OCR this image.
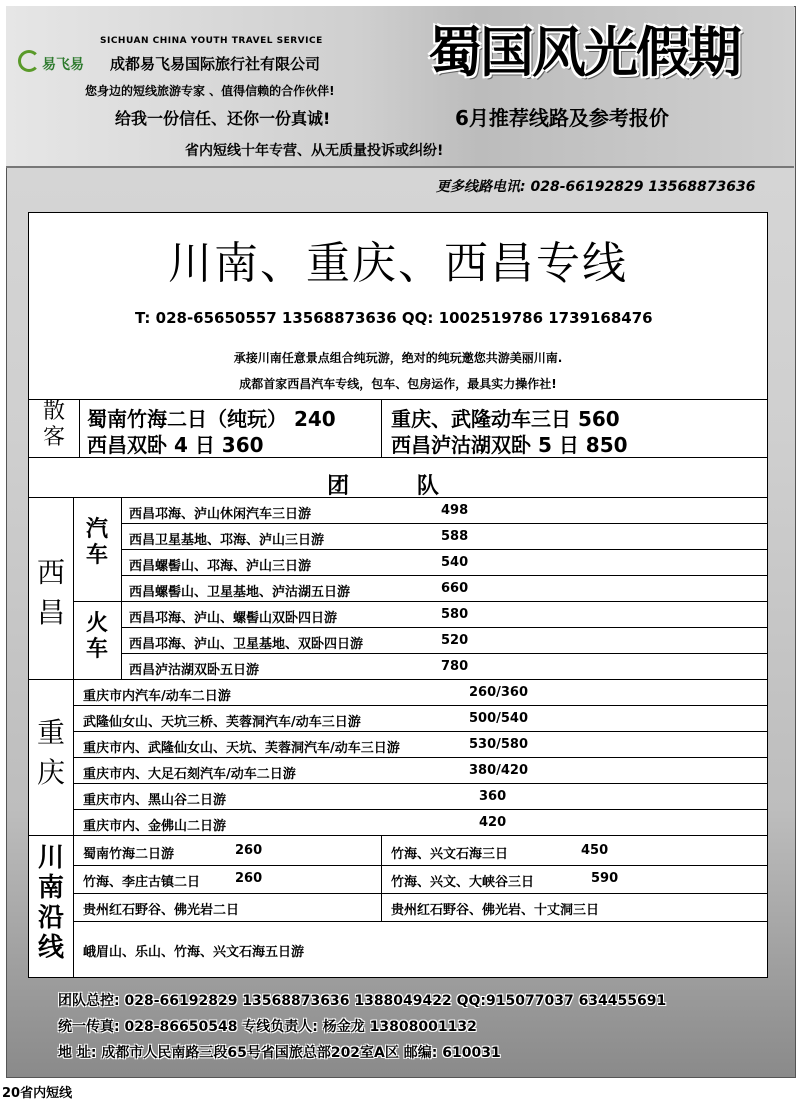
易飞易
SICHUAN CHINA YOUTH TRAVEL SERVICE
成都易飞易国际旅行社有限公司
您身边的短线旅游专家 、值得信赖的合作伙伴!
给我一份信任、还你一份真诚!
蜀国风光假期
6月推荐线路及参考报价
省内短线十年专营、从无质量投诉或纠纷!
更多线路电讯: 028-66192829 13568873636
川南、重庆、西昌专线
T: 028-65650557 13568873636 QQ: 1002519786 1739168476
承接川南任意景点组合纯玩游，绝对的纯玩邀您共游美丽川南.
成都首家西昌汽车专线，包车、包房运作，最具实力操作社!
散
客
蜀南竹海二日（纯玩） 240
西昌双卧 4 日 360
重庆、武隆动车三日 560
西昌泸沽湖双卧 5 日 850
团 队
西
昌
汽
车
火
车
西昌邛海、泸山休闲汽车三日游	498
西昌卫星基地、邛海、泸山三日游	588
西昌螺髻山、邛海、泸山三日游	540
西昌螺髻山、卫星基地、泸沽湖五日游	660
西昌邛海、泸山、螺髻山双卧四日游	580
西昌邛海、泸山、卫星基地、双卧四日游	520
西昌泸沽湖双卧五日游	780
重
庆
重庆市内汽车/动车二日游	260/360
武隆仙女山、天坑三桥、芙蓉洞汽车/动车三日游	500/540
重庆市内、武隆仙女山、天坑、芙蓉洞汽车/动车三日游	530/580
重庆市内、大足石刻汽车/动车二日游	380/420
重庆市内、黑山谷二日游	360
重庆市内、金佛山二日游	420
川
南
沿
线
蜀南竹海二日游	260	竹海、兴文石海三日	450
竹海、李庄古镇二日	260	竹海、兴文、大峡谷三日	590
贵州红石野谷、佛光岩二日	贵州红石野谷、佛光岩、十丈洞三日
峨眉山、乐山、竹海、兴文石海五日游
团队总控: 028-66192829 13568873636 13880494​22 QQ:915077037 634455691
统一传真: 028-86650548 专线负责人: 杨金龙 13808001132
地 址: 成都市人民南路三段65号省国旅总部202室A区 邮编: 610031
20省内短线
